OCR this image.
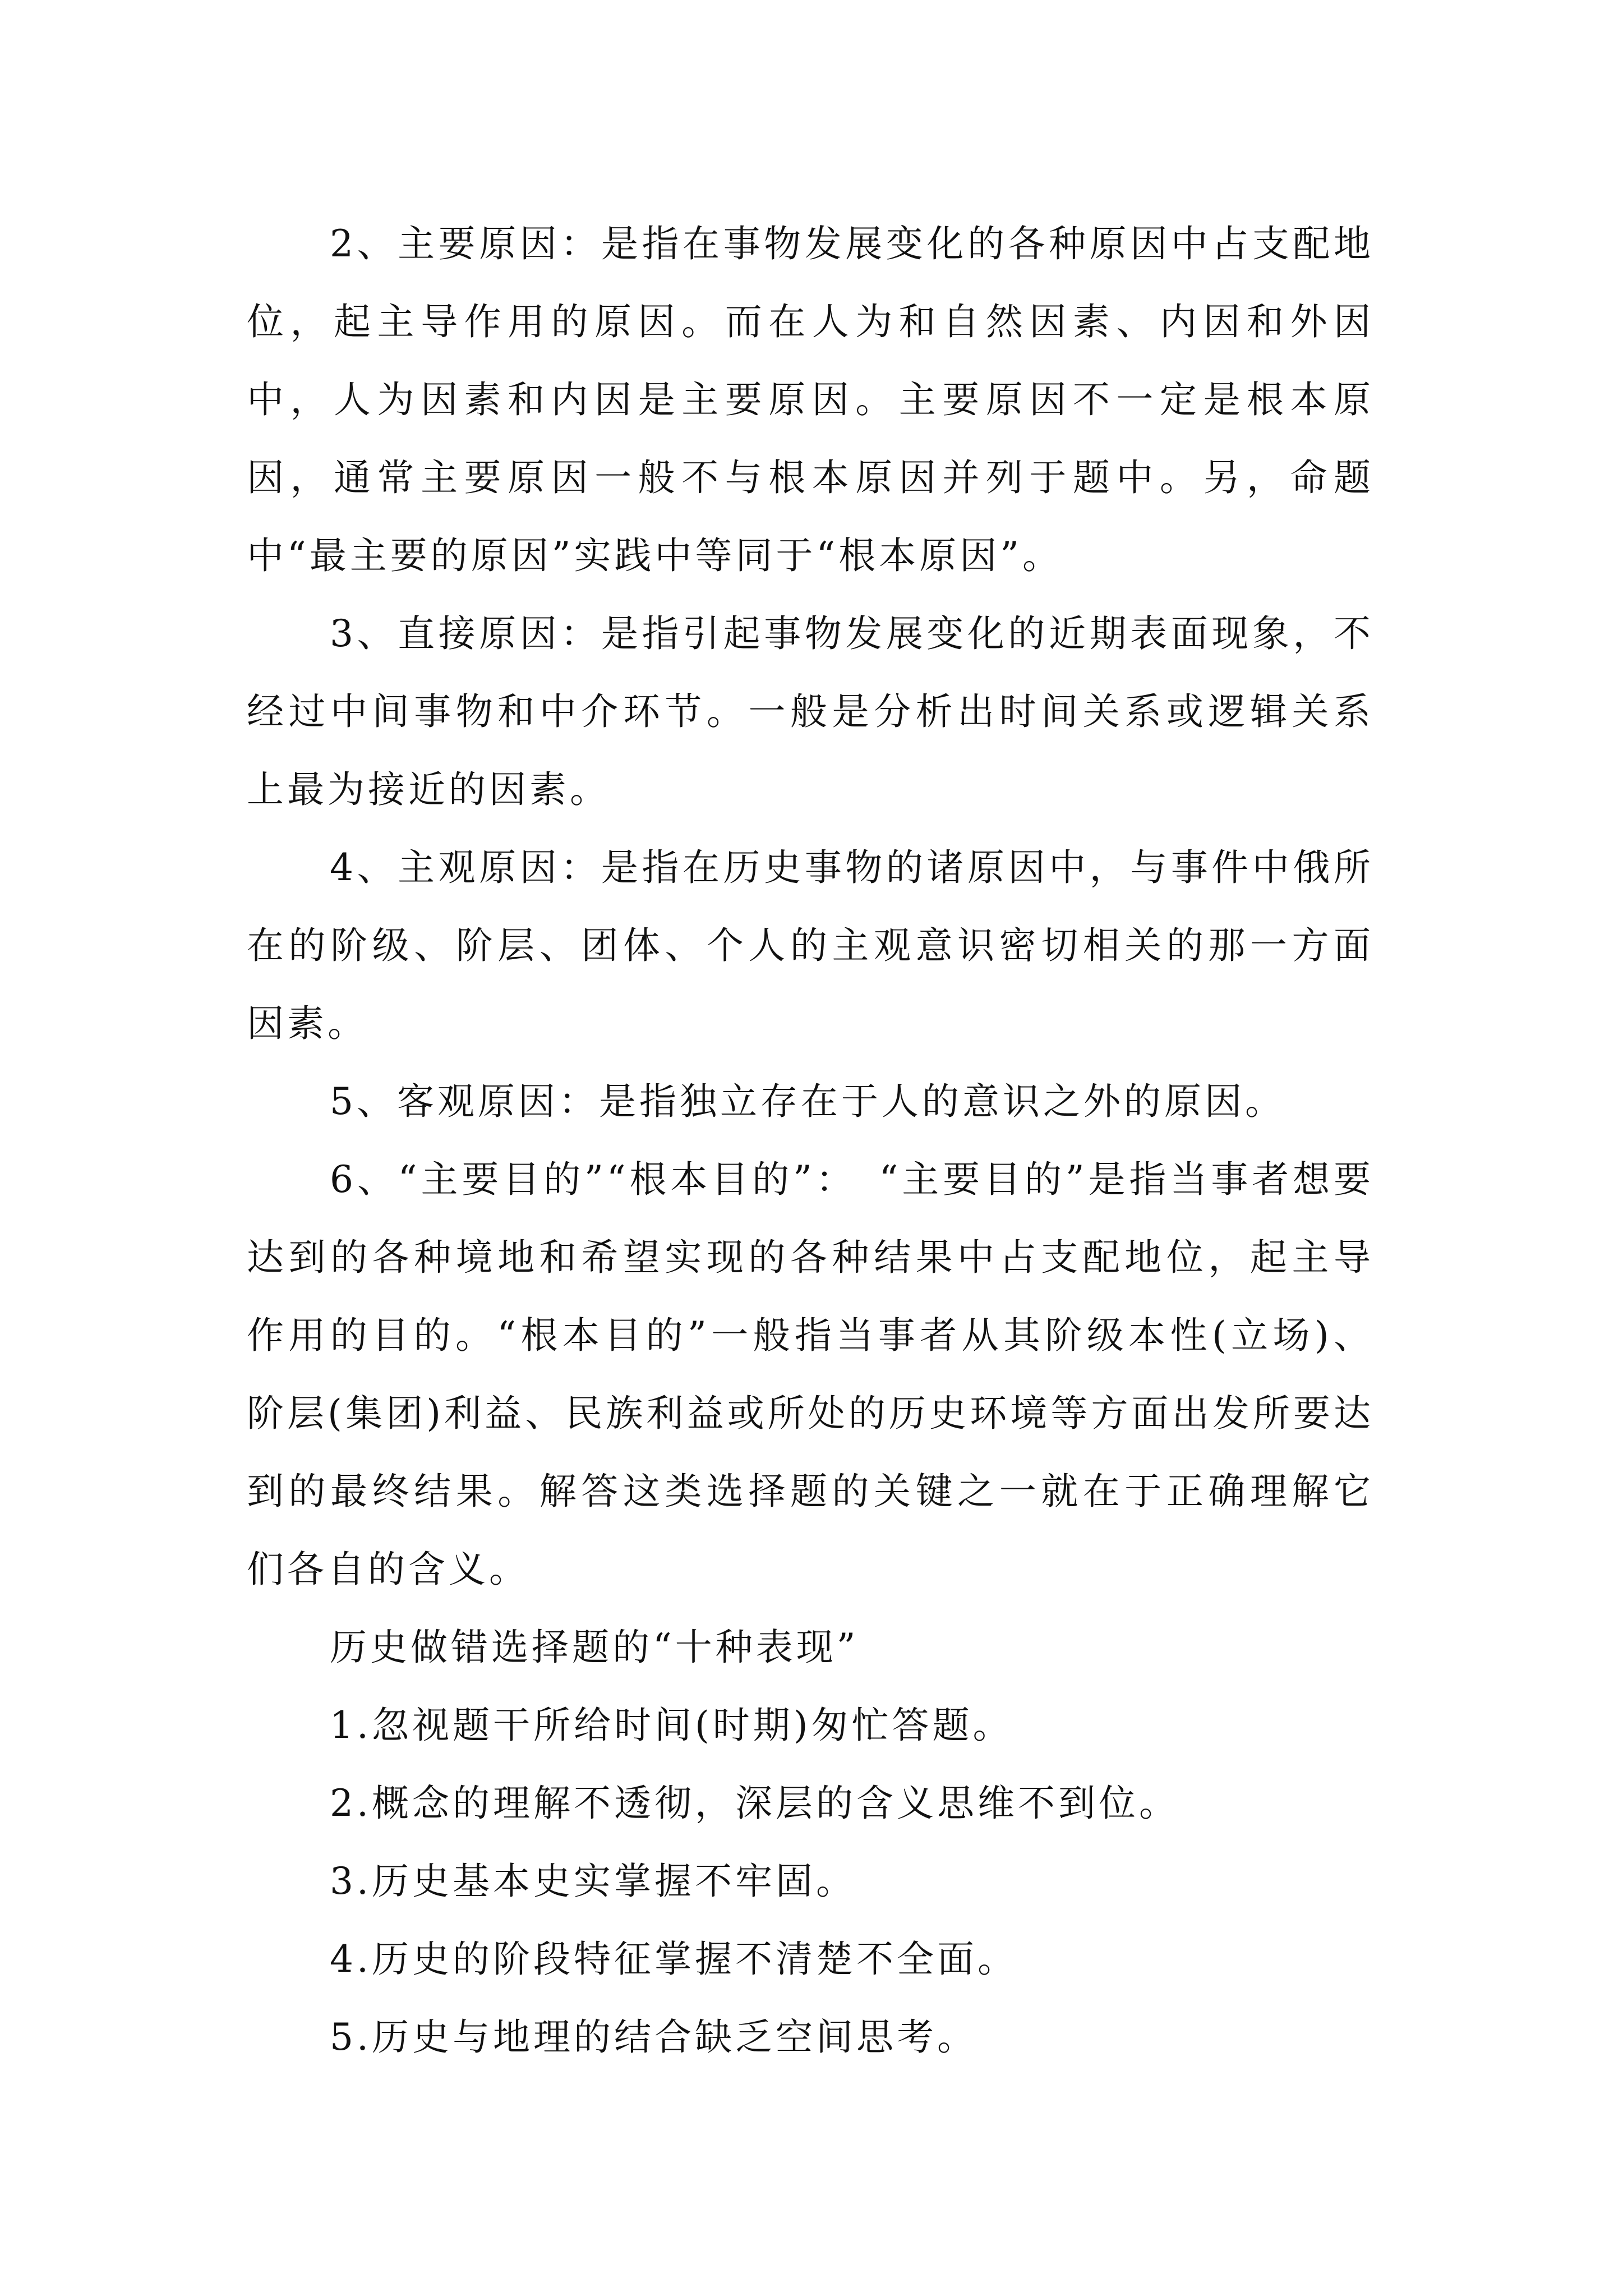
2、主要原因：是指在事物发展变化的各种原因中占支配地位，起主导作用的原因。而在人为和自然因素、内因和外因中，人为因素和内因是主要原因。主要原因不一定是根本原因，通常主要原因一般不与根本原因并列于题中。另，命题中“最主要的原因”实践中等同于“根本原因”。

3、直接原因：是指引起事物发展变化的近期表面现象，不经过中间事物和中介环节。一般是分析出时间关系或逻辑关系上最为接近的因素。

4、主观原因：是指在历史事物的诸原因中，与事件中俄所在的阶级、阶层、团体、个人的主观意识密切相关的那一方面因素。

5、客观原因：是指独立存在于人的意识之外的原因。

6、“主要目的”“根本目的”：　“主要目的”是指当事者想要达到的各种境地和希望实现的各种结果中占支配地位，起主导作用的目的。“根本目的”一般指当事者从其阶级本性(立场)、阶层(集团)利益、民族利益或所处的历史环境等方面出发所要达到的最终结果。解答这类选择题的关键之一就在于正确理解它们各自的含义。

历史做错选择题的“十种表现”

1.忽视题干所给时间(时期)匆忙答题。

2.概念的理解不透彻，深层的含义思维不到位。

3.历史基本史实掌握不牢固。

4.历史的阶段特征掌握不清楚不全面。

5.历史与地理的结合缺乏空间思考。
